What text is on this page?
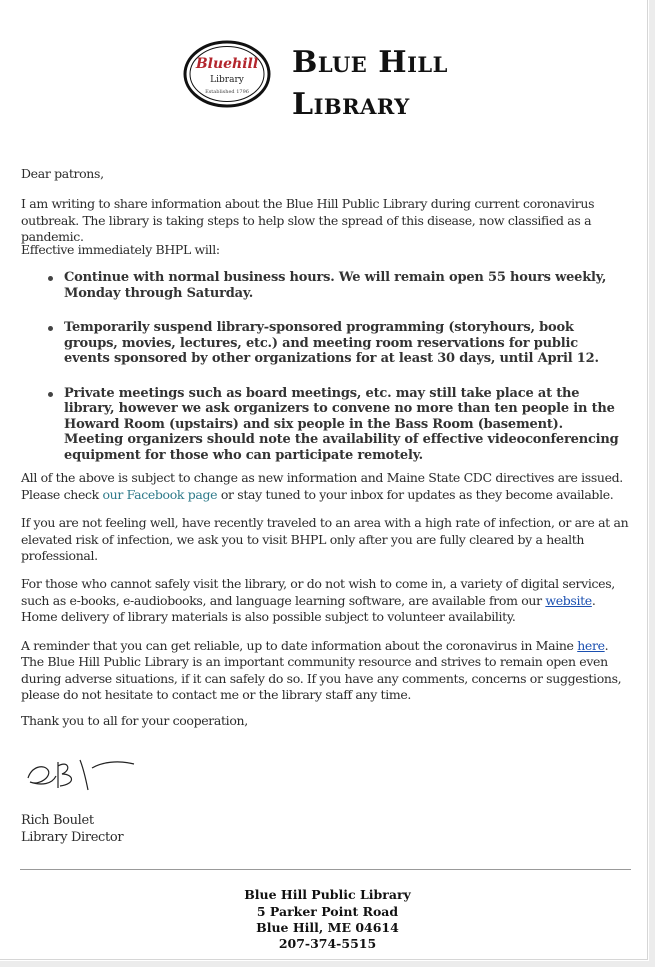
Bluehill
Library
Established 1796
Blue Hill
Library
Dear patrons,
I am writing to share information about the Blue Hill Public Library during current coronavirus outbreak. The library is taking steps to help slow the spread of this disease, now classified as a pandemic.
Effective immediately BHPL will:
Continue with normal business hours. We will remain open 55 hours weekly, Monday through Saturday.
Temporarily suspend library-sponsored programming (storyhours, book groups, movies, lectures, etc.) and meeting room reservations for public events sponsored by other organizations for at least 30 days, until April 12.
Private meetings such as board meetings, etc. may still take place at the library, however we ask organizers to convene no more than ten people in the Howard Room (upstairs) and six people in the Bass Room (basement). Meeting organizers should note the availability of effective videoconferencing equipment for those who can participate remotely.
All of the above is subject to change as new information and Maine State CDC directives are issued. Please check our Facebook page or stay tuned to your inbox for updates as they become available.
If you are not feeling well, have recently traveled to an area with a high rate of infection, or are at an elevated risk of infection, we ask you to visit BHPL only after you are fully cleared by a health professional.
For those who cannot safely visit the library, or do not wish to come in, a variety of digital services, such as e-books, e-audiobooks, and language learning software, are available from our website. Home delivery of library materials is also possible subject to volunteer availability.
A reminder that you can get reliable, up to date information about the coronavirus in Maine here.
The Blue Hill Public Library is an important community resource and strives to remain open even during adverse situations, if it can safely do so. If you have any comments, concerns or suggestions, please do not hesitate to contact me or the library staff any time.
Thank you to all for your cooperation,
Rich Boulet
Library Director
Blue Hill Public Library
5 Parker Point Road
Blue Hill, ME 04614
207-374-5515
